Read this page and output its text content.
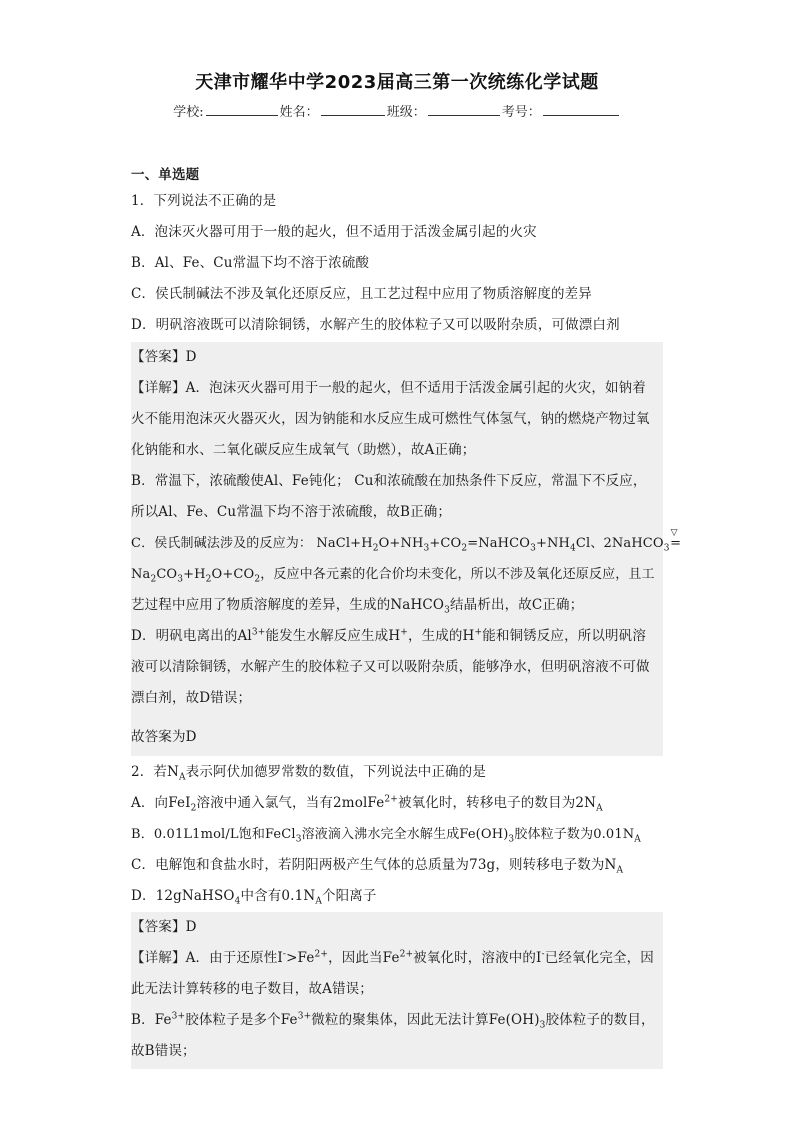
天津市耀华中学2023届高三第一次统练化学试题
学校:	姓名：	班级：	考号：
一、单选题
1．下列说法不正确的是
A．泡沫灭火器可用于一般的起火，但不适用于活泼金属引起的火灾
B．Al、Fe、Cu常温下均不溶于浓硫酸
C．侯氏制碱法不涉及氧化还原反应，且工艺过程中应用了物质溶解度的差异
D．明矾溶液既可以清除铜锈，水解产生的胶体粒子又可以吸附杂质，可做漂白剂
【答案】D
【详解】A．泡沫灭火器可用于一般的起火，但不适用于活泼金属引起的火灾，如钠着
火不能用泡沫灭火器灭火，因为钠能和水反应生成可燃性气体氢气，钠的燃烧产物过氧
化钠能和水、二氧化碳反应生成氧气（助燃），故A正确；
B．常温下，浓硫酸使Al、Fe钝化； Cu和浓硫酸在加热条件下反应，常温下不反应，
所以Al、Fe、Cu常温下均不溶于浓硫酸，故B正确；
C．侯氏制碱法涉及的反应为： $NaCl+H_2O+NH_3+CO_2=NaHCO_3+NH_4Cl$、2NaHCO$_3$
▽
=
$Na_2CO_3+H_2O+CO_2$，反应中各元素的化合价均未变化，所以不涉及氧化还原反应，且工
艺过程中应用了物质溶解度的差异，生成的NaHCO$_3$结晶析出，故C正确；
D．明矾电离出的$Al^{3+}$能发生水解反应生成H+，生成的H+能和铜锈反应，所以明矾溶
液可以清除铜锈，水解产生的胶体粒子又可以吸附杂质，能够净水，但明矾溶液不可做
漂白剂，故D错误；
故答案为D
2．若$N_A$表示阿伏加德罗常数的数值，下列说法中正确的是
A．向FeI$_2$溶液中通入氯气，当有2molFe$^{2+}$被氧化时，转移电子的数目为$2N_A$
B．0.01L1mol/L饱和FeCl$_3$溶液滴入沸水完全水解生成$Fe(OH)_3$胶体粒子数为$0.01N_A$
C．电解饱和食盐水时，若阴阳两极产生气体的总质量为73g，则转移电子数为$N_A$
D．12gNaHSO$_4$中含有$0.1N_A$个阳离子
【答案】D
【详解】A．由于还原性$I^->Fe^{2+}$，因此当$Fe^{2+}$被氧化时，溶液中的I-已经氧化完全，因
此无法计算转移的电子数目，故A错误；
B．$Fe^{3+}$胶体粒子是多个$Fe^{3+}$微粒的聚集体，因此无法计算$Fe(OH)_3$胶体粒子的数目，
故B错误；
